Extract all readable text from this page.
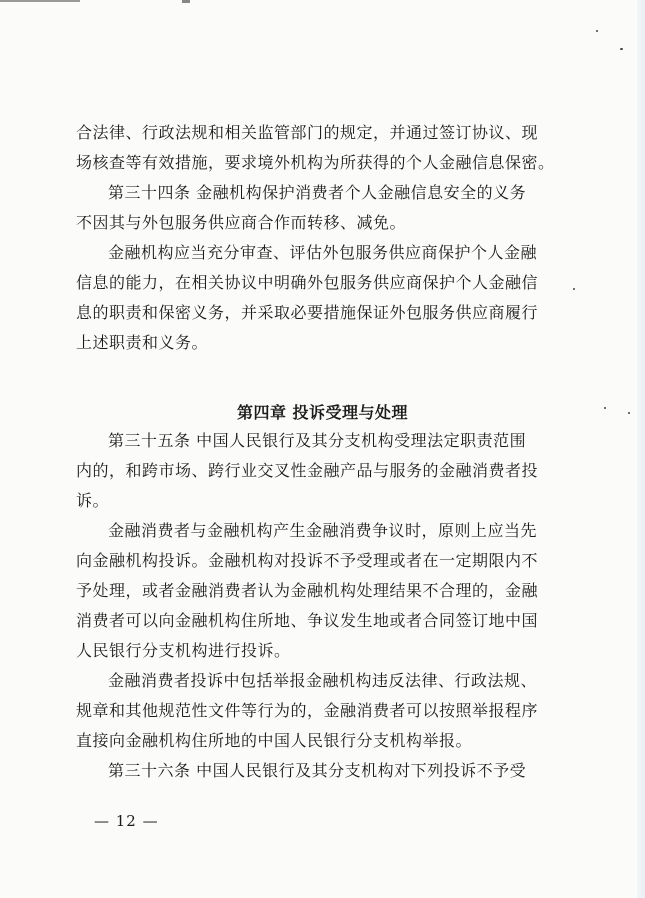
合法律、行政法规和相关监管部门的规定，并通过签订协议、现
场核查等有效措施，要求境外机构为所获得的个人金融信息保密。

第三十四条 金融机构保护消费者个人金融信息安全的义务
不因其与外包服务供应商合作而转移、减免。

金融机构应当充分审查、评估外包服务供应商保护个人金融
信息的能力，在相关协议中明确外包服务供应商保护个人金融信
息的职责和保密义务，并采取必要措施保证外包服务供应商履行
上述职责和义务。

第四章 投诉受理与处理

第三十五条 中国人民银行及其分支机构受理法定职责范围
内的，和跨市场、跨行业交叉性金融产品与服务的金融消费者投
诉。

金融消费者与金融机构产生金融消费争议时，原则上应当先
向金融机构投诉。金融机构对投诉不予受理或者在一定期限内不
予处理，或者金融消费者认为金融机构处理结果不合理的，金融
消费者可以向金融机构住所地、争议发生地或者合同签订地中国
人民银行分支机构进行投诉。

金融消费者投诉中包括举报金融机构违反法律、行政法规、
规章和其他规范性文件等行为的，金融消费者可以按照举报程序
直接向金融机构住所地的中国人民银行分支机构举报。

第三十六条 中国人民银行及其分支机构对下列投诉不予受

— 12 —
